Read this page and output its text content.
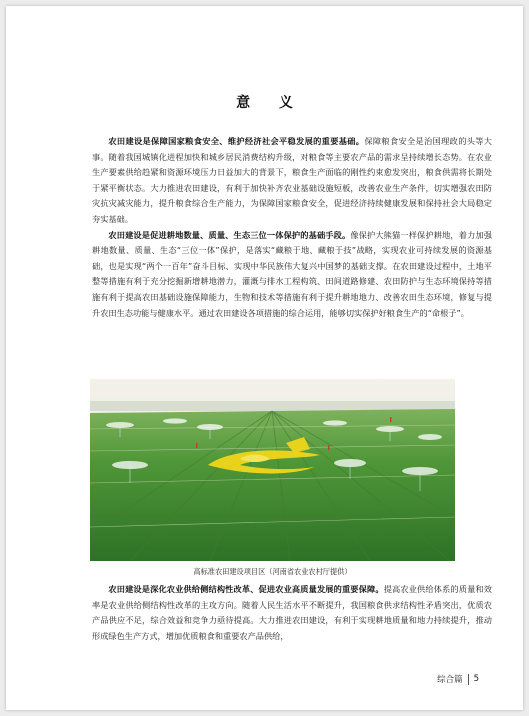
意 义

农田建设是保障国家粮食安全、维护经济社会平稳发展的重要基础。保障粮食安全是治国理政的头等大事。随着我国城镇化进程加快和城乡居民消费结构升级，对粮食等主要农产品的需求呈持续增长态势。在农业生产要素供给趋紧和资源环境压力日益加大的背景下，粮食生产面临的刚性约束愈发突出，粮食供需将长期处于紧平衡状态。大力推进农田建设，有利于加快补齐农业基础设施短板，改善农业生产条件，切实增强农田防灾抗灾减灾能力，提升粮食综合生产能力，为保障国家粮食安全，促进经济持续健康发展和保持社会大局稳定夯实基础。

农田建设是促进耕地数量、质量、生态三位一体保护的基础手段。像保护大熊猫一样保护耕地，着力加强耕地数量、质量、生态“三位一体”保护，是落实“藏粮于地、藏粮于技”战略，实现农业可持续发展的资源基础，也是实现“两个一百年”奋斗目标、实现中华民族伟大复兴中国梦的基础支撑。在农田建设过程中，土地平整等措施有利于充分挖掘新增耕地潜力，灌溉与排水工程构筑、田间道路修建、农田防护与生态环境保持等措施有利于提高农田基础设施保障能力，生物和技术等措施有利于提升耕地地力、改善农田生态环境，修复与提升农田生态功能与健康水平。通过农田建设各项措施的综合运用，能够切实保护好粮食生产的“命根子”。

高标准农田建设项目区（河南省农业农村厅提供）

农田建设是深化农业供给侧结构性改革、促进农业高质量发展的重要保障。提高农业供给体系的质量和效率是农业供给侧结构性改革的主攻方向。随着人民生活水平不断提升，我国粮食供求结构性矛盾突出，优质农产品供应不足，综合效益和竞争力亟待提高。大力推进农田建设，有利于实现耕地质量和地力持续提升，推动形成绿色生产方式，增加优质粮食和重要农产品供给，

综合篇 5
